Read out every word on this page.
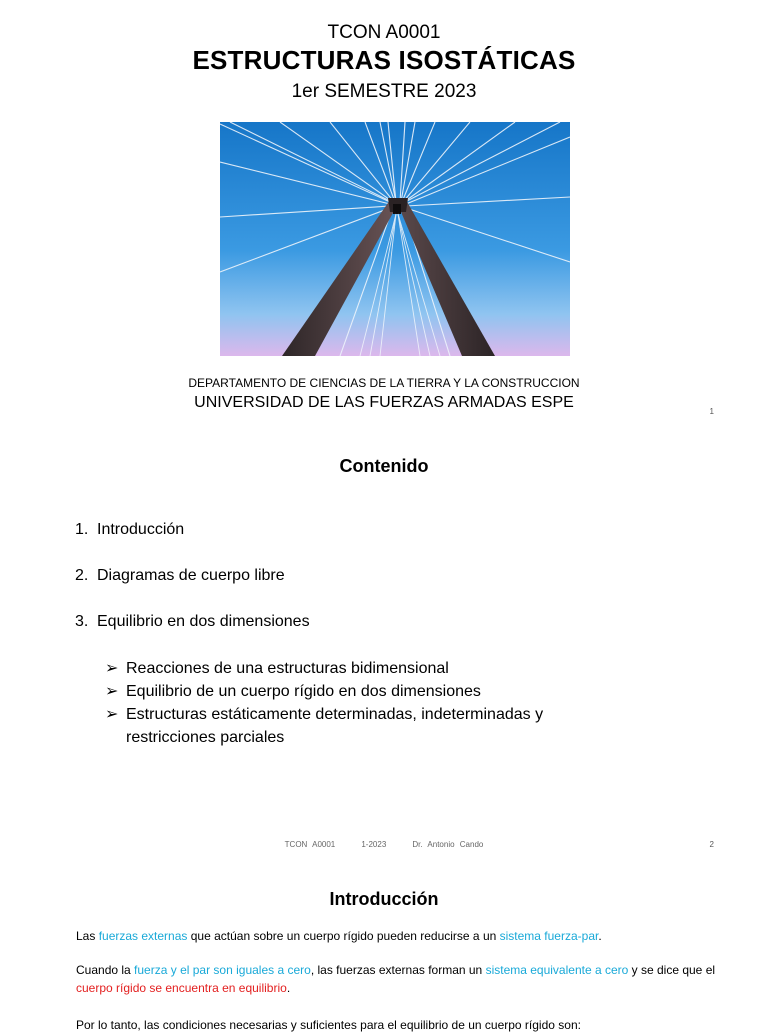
TCON A0001
ESTRUCTURAS ISOSTÁTICAS
1er SEMESTRE 2023
DEPARTAMENTO DE CIENCIAS DE LA TIERRA Y LA CONSTRUCCION
UNIVERSIDAD DE LAS FUERZAS ARMADAS ESPE
1
Contenido
1. Introducción
2. Diagramas de cuerpo libre
3. Equilibrio en dos dimensiones
➢ Reacciones de una estructuras bidimensional
➢ Equilibrio de un cuerpo rígido en dos dimensiones
➢ Estructuras estáticamente determinadas, indeterminadas y restricciones parciales
TCON A0001	1-2023	Dr. Antonio Cando	2
Introducción
Las fuerzas externas que actúan sobre un cuerpo rígido pueden reducirse a un sistema fuerza-par.
Cuando la fuerza y el par son iguales a cero, las fuerzas externas forman un sistema equivalente a cero y se dice que el cuerpo rígido se encuentra en equilibrio.
Por lo tanto, las condiciones necesarias y suficientes para el equilibrio de un cuerpo rígido son:
